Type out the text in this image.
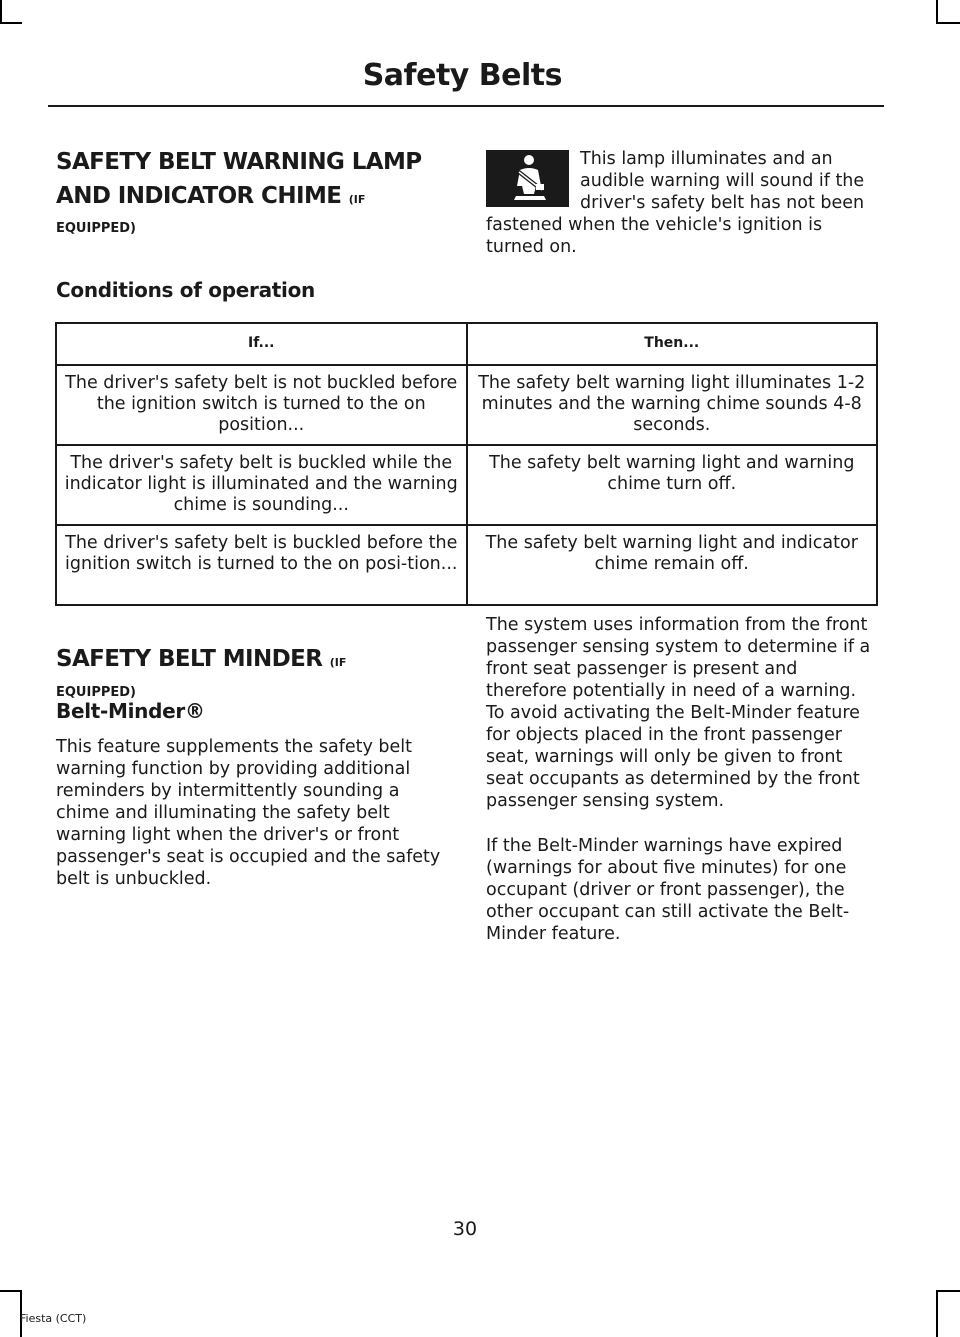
Safety Belts
SAFETY BELT WARNING LAMP
AND INDICATOR CHIME (IF

EQUIPPED)

This lamp illuminates and an audible warning will sound if the driver's safety belt has not been fastened when the vehicle's ignition is turned on.

Conditions of operation

If...	Then...
The driver's safety belt is not buckled before the ignition switch is turned to the on position...	The safety belt warning light illuminates 1-2 minutes and the warning chime sounds 4-8 seconds.
The driver's safety belt is buckled while the indicator light is illuminated and the warning chime is sounding...	The safety belt warning light and warning chime turn off.
The driver's safety belt is buckled before the ignition switch is turned to the on posi-tion...	The safety belt warning light and indicator chime remain off.
SAFETY BELT MINDER (IF

EQUIPPED)

Belt-Minder®

This feature supplements the safety belt warning function by providing additional reminders by intermittently sounding a chime and illuminating the safety belt warning light when the driver's or front passenger's seat is occupied and the safety belt is unbuckled.

The system uses information from the front passenger sensing system to determine if a front seat passenger is present and therefore potentially in need of a warning. To avoid activating the Belt-Minder feature for objects placed in the front passenger seat, warnings will only be given to front seat occupants as determined by the front passenger sensing system.

If the Belt-Minder warnings have expired (warnings for about five minutes) for one occupant (driver or front passenger), the other occupant can still activate the Belt-Minder feature.

30
Fiesta (CCT)
